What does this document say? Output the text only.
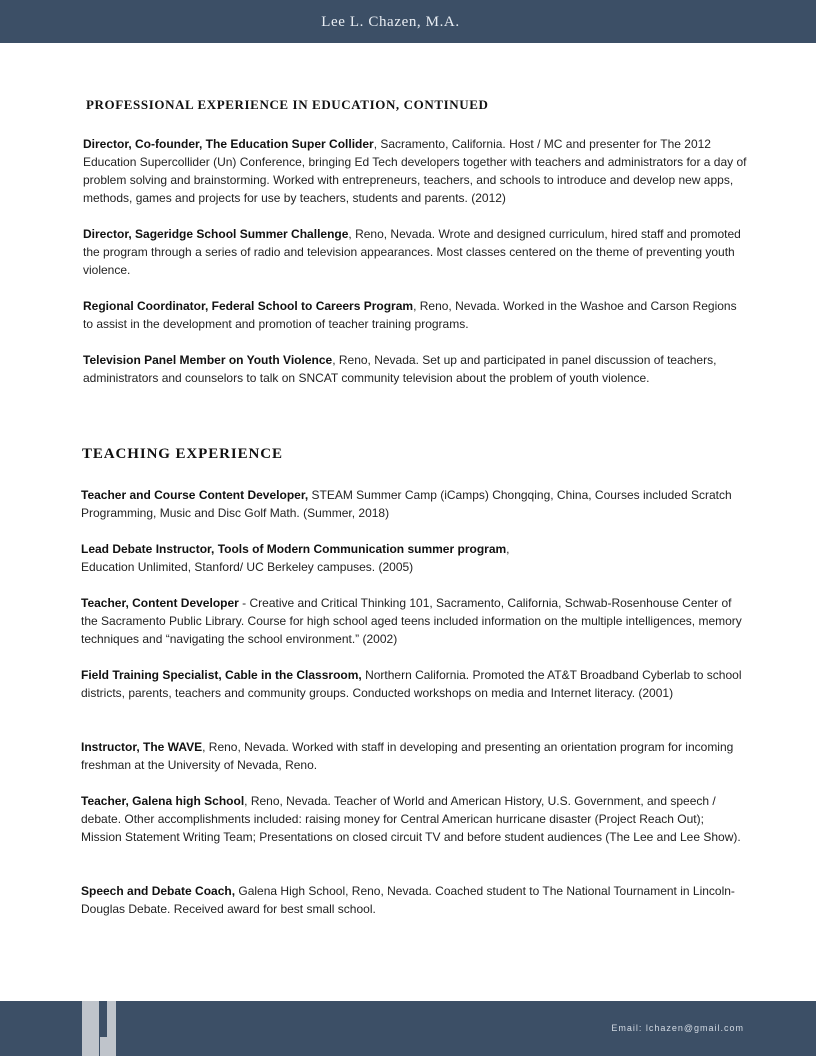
Lee L. Chazen, M.A.
PROFESSIONAL EXPERIENCE IN EDUCATION, CONTINUED

Director, Co-founder, The Education Super Collider, Sacramento, California. Host / MC and presenter for The 2012 Education Supercollider (Un) Conference, bringing Ed Tech developers together with teachers and administrators for a day of problem solving and brainstorming. Worked with entrepreneurs, teachers, and schools to introduce and develop new apps, methods, games and projects for use by teachers, students and parents. (2012)

Director, Sageridge School Summer Challenge, Reno, Nevada. Wrote and designed curriculum, hired staff and promoted the program through a series of radio and television appearances. Most classes centered on the theme of preventing youth violence.

Regional Coordinator, Federal School to Careers Program, Reno, Nevada. Worked in the Washoe and Carson Regions to assist in the development and promotion of teacher training programs.

Television Panel Member on Youth Violence, Reno, Nevada. Set up and participated in panel discussion of teachers, administrators and counselors to talk on SNCAT community television about the problem of youth violence.

TEACHING EXPERIENCE

Teacher and Course Content Developer, STEAM Summer Camp (iCamps) Chongqing, China, Courses included Scratch Programming, Music and Disc Golf Math. (Summer, 2018)

Lead Debate Instructor, Tools of Modern Communication summer program,
Education Unlimited, Stanford/ UC Berkeley campuses. (2005)

Teacher, Content Developer - Creative and Critical Thinking 101, Sacramento, California, Schwab-Rosenhouse Center of the Sacramento Public Library. Course for high school aged teens included information on the multiple intelligences, memory techniques and “navigating the school environment.” (2002)

Field Training Specialist, Cable in the Classroom, Northern California. Promoted the AT&T Broadband Cyberlab to school districts, parents, teachers and community groups. Conducted workshops on media and Internet literacy. (2001)

Instructor, The WAVE, Reno, Nevada. Worked with staff in developing and presenting an orientation program for incoming freshman at the University of Nevada, Reno.

Teacher, Galena high School, Reno, Nevada. Teacher of World and American History, U.S. Government, and speech / debate. Other accomplishments included: raising money for Central American hurricane disaster (Project Reach Out); Mission Statement Writing Team; Presentations on closed circuit TV and before student audiences (The Lee and Lee Show).

Speech and Debate Coach, Galena High School, Reno, Nevada. Coached student to The National Tournament in Lincoln- Douglas Debate. Received award for best small school.

Email: lchazen@gmail.com
